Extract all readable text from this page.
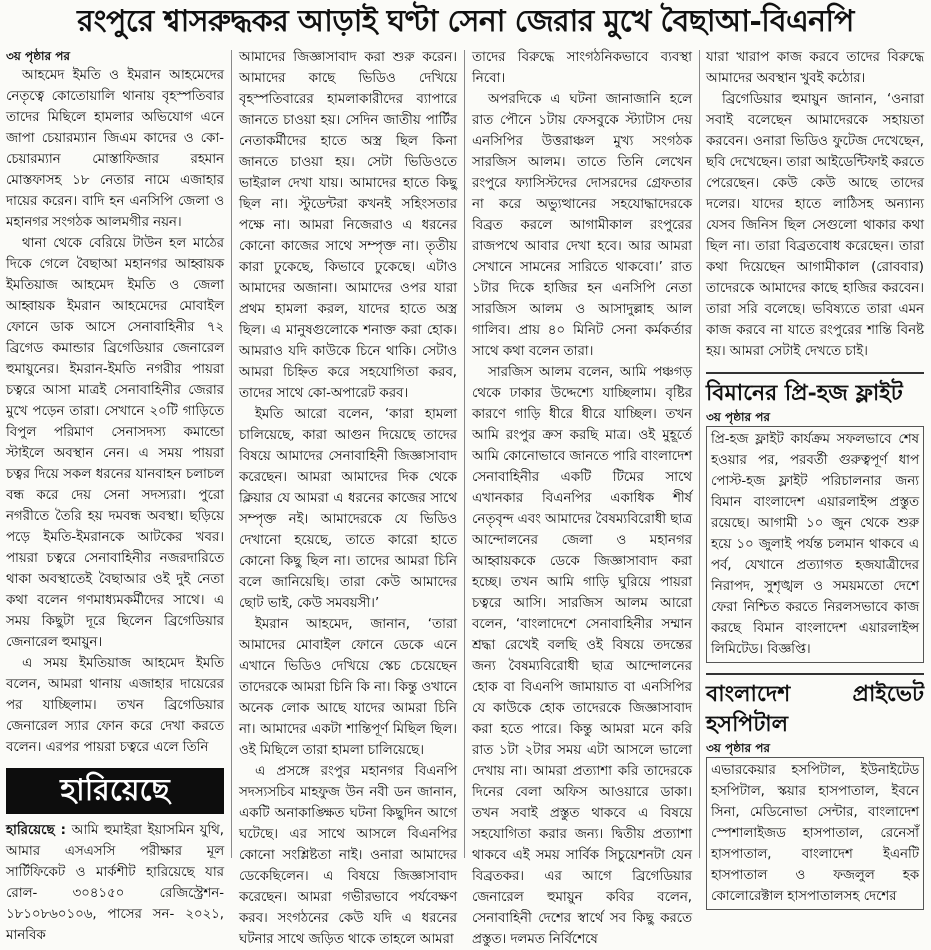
রংপুরে শ্বাসরুদ্ধকর আড়াই ঘণ্টা সেনা জেরার মুখে বৈছাআ-বিএনপি
৩য় পৃষ্ঠার পর

আহমেদ ইমতি ও ইমরান আহমেদের নেতৃত্বে কোতোয়ালি থানায় বৃহস্পতিবার তাদের মিছিলে হামলার অভিযোগ এনে জাপা চেয়ারম্যান জিএম কাদের ও কো-চেয়ারম্যান মোস্তাফিজার রহমান মোস্তফাসহ ১৮ নেতার নামে এজাহার দায়ের করেন। বাদি হন এনসিপি জেলা ও মহানগর সংগঠক আলমগীর নয়ন।

থানা থেকে বেরিয়ে টাউন হল মাঠের দিকে গেলে বৈছাআ মহানগর আহ্বায়ক ইমতিয়াজ আহমেদ ইমতি ও জেলা আহ্বায়ক ইমরান আহমেদের মোবাইল ফোনে ডাক আসে সেনাবাহিনীর ৭২ ব্রিগেড কমান্ডার ব্রিগেডিয়ার জেনারেল হুমায়ুনের। ইমরান-ইমতি নগরীর পায়রা চত্বরে আসা মাত্রই সেনাবাহিনীর জেরার মুখে পড়েন তারা। সেখানে ২০টি গাড়িতে বিপুল পরিমাণ সেনাসদস্য কমান্ডো স্টাইলে অবস্থান নেন। এ সময় পায়রা চত্বর দিয়ে সকল ধরনের যানবাহন চলাচল বন্ধ করে দেয় সেনা সদস্যরা। পুরো নগরীতে তৈরি হয় দমবন্ধ অবস্থা। ছড়িয়ে পড়ে ইমতি-ইমরানকে আটকের খবর। পায়রা চত্বরে সেনাবাহিনীর নজরদারিতে থাকা অবস্থাতেই বৈছাআর ওই দুই নেতা কথা বলেন গণমাধ্যমকর্মীদের সাথে। এ সময় কিছুটা দূরে ছিলেন ব্রিগেডিয়ার জেনারেল হুমায়ুন।

এ সময় ইমতিয়াজ আহমেদ ইমতি বলেন, আমরা থানায় এজাহার দায়েরের পর যাচ্ছিলাম। তখন ব্রিগেডিয়ার জেনারেল স্যার ফোন করে দেখা করতে বলেন। এরপর পায়রা চত্বরে এলে তিনি

হারিয়েছে

হারিয়েছে : আমি হুমাইরা ইয়াসমিন যুথি, আমার এসএসসি পরীক্ষার মূল সার্টিফিকেট ও মার্কশীট হারিয়েছে যার রোল- ৩০৪১৫০ রেজিস্ট্রেশন- ১৮১০৮৬০১০৬, পাসের সন- ২০২১, মানবিক

আমাদের জিজ্ঞাসাবাদ করা শুরু করেন। আমাদের কাছে ভিডিও দেখিয়ে বৃহস্পতিবারের হামলাকারীদের ব্যাপারে জানতে চাওয়া হয়। সেদিন জাতীয় পার্টির নেতাকর্মীদের হাতে অস্ত্র ছিল কিনা জানতে চাওয়া হয়। সেটা ভিডিওতে ভাইরাল দেখা যায়। আমাদের হাতে কিছু ছিল না। স্টুডেন্টরা কখনই সহিংসতার পক্ষে না। আমরা নিজেরাও এ ধরনের কোনো কাজের সাথে সম্পৃক্ত না। তৃতীয় কারা ঢুকেছে, কিভাবে ঢুকেছে। এটাও আমাদের অজানা। আমাদের ওপর যারা প্রথম হামলা করল, যাদের হাতে অস্ত্র ছিল। এ মানুষগুলোকে শনাক্ত করা হোক। আমরাও যদি কাউকে চিনে থাকি। সেটাও আমরা চিহ্নিত করে সহযোগিতা করব, তাদের সাথে কো-অপারেট করব।

ইমতি আরো বলেন, ‘কারা হামলা চালিয়েছে, কারা আগুন দিয়েছে তাদের বিষয়ে আমাদের সেনাবাহিনী জিজ্ঞাসাবাদ করেছেন। আমরা আমাদের দিক থেকে ক্লিয়ার যে আমরা এ ধরনের কাজের সাথে সম্পৃক্ত নই। আমাদেরকে যে ভিডিও দেখানো হয়েছে, তাতে কারো হাতে কোনো কিছু ছিল না। তাদের আমরা চিনি বলে জানিয়েছি। তারা কেউ আমাদের ছোট ভাই, কেউ সমবয়সী।’

ইমরান আহমেদ, জানান, ‘তারা আমাদের মোবাইল ফোনে ডেকে এনে এখানে ভিডিও দেখিয়ে স্কেচ চেয়েছেন তাদেরকে আমরা চিনি কি না। কিন্তু ওখানে অনেক লোক আছে যাদের আমরা চিনি না। আমাদের একটা শান্তিপূর্ণ মিছিল ছিল। ওই মিছিলে তারা হামলা চালিয়েছে।

এ প্রসঙ্গে রংপুর মহানগর বিএনপি সদস্যসচিব মাহফুজ উন নবী ডন জানান, একটি অনাকাঙ্ক্ষিত ঘটনা কিছুদিন আগে ঘটেছে। এর সাথে আসলে বিএনপির কোনো সংশ্লিষ্টতা নাই। ওনারা আমাদের ডেকেছিলেন। এ বিষয়ে জিজ্ঞাসাবাদ করেছেন। আমরা গভীরভাবে পর্যবেক্ষণ করব। সংগঠনের কেউ যদি এ ধরনের ঘটনার সাথে জড়িত থাকে তাহলে আমরা

তাদের বিরুদ্ধে সাংগঠনিকভাবে ব্যবস্থা নিবো।

অপরদিকে এ ঘটনা জানাজানি হলে রাত পৌনে ১টায় ফেসবুকে স্ট্যাটাস দেয় এনসিপির উত্তরাঞ্চল মুখ্য সংগঠক সারজিস আলম। তাতে তিনি লেখেন রংপুরে ফ্যাসিস্টদের দোসরদের গ্রেফতার না করে অভ্যুত্থানের সহযোদ্ধাদেরকে বিব্রত করলে আগামীকাল রংপুরের রাজপথে আবার দেখা হবে। আর আমরা সেখানে সামনের সারিতে থাকবো।’ রাত ১টার দিকে হাজির হন এনসিপি নেতা সারজিস আলম ও আসাদুল্লাহ আল গালিব। প্রায় ৪০ মিনিট সেনা কর্মকর্তার সাথে কথা বলেন তারা।

সারজিস আলম বলেন, আমি পঞ্চগড় থেকে ঢাকার উদ্দেশ্যে যাচ্ছিলাম। বৃষ্টির কারণে গাড়ি ধীরে ধীরে যাচ্ছিল। তখন আমি রংপুর ক্রস করছি মাত্র। ওই মুহূর্তে আমি কোনোভাবে জানতে পারি বাংলাদেশ সেনাবাহিনীর একটি টিমের সাথে এখানকার বিএনপির একাধিক শীর্ষ নেতৃবৃন্দ এবং আমাদের বৈষম্যবিরোধী ছাত্র আন্দোলনের জেলা ও মহানগর আহ্বায়ককে ডেকে জিজ্ঞাসাবাদ করা হচ্ছে। তখন আমি গাড়ি ঘুরিয়ে পায়রা চত্বরে আসি। সারজিস আলম আরো বলেন, ‘বাংলাদেশে সেনাবাহিনীর সম্মান শ্রদ্ধা রেখেই বলছি ওই বিষয়ে তদন্তের জন্য বৈষম্যবিরোধী ছাত্র আন্দোলনের হোক বা বিএনপি জামায়াত বা এনসিপির যে কাউকে হোক তাদেরকে জিজ্ঞাসাবাদ করা হতে পারে। কিন্তু আমরা মনে করি রাত ১টা ২টার সময় এটা আসলে ভালো দেখায় না। আমরা প্রত্যাশা করি তাদেরকে দিনের বেলা অফিস আওয়ারে ডাকা। তখন সবাই প্রস্তুত থাকবে এ বিষয়ে সহযোগিতা করার জন্য। দ্বিতীয় প্রত্যাশা থাকবে এই সময় সার্বিক সিচুয়েশনটা যেন বিব্রতকর। এর আগে ব্রিগেডিয়ার জেনারেল হুমায়ুন কবির বলেন, সেনাবাহিনী দেশের স্বার্থে সব কিছু করতে প্রস্তুত। দলমত নির্বিশেষে

যারা খারাপ কাজ করবে তাদের বিরুদ্ধে আমাদের অবস্থান খুবই কঠোর।

ব্রিগেডিয়ার হুমায়ুন জানান, ‘ওনারা সবাই বলেছেন আমাদেরকে সহায়তা করবেন। ওনারা ভিডিও ফুটেজ দেখেছেন, ছবি দেখেছেন। তারা আইডেন্টিফাই করতে পেরেছেন। কেউ কেউ আছে তাদের দলের। যাদের হাতে লাঠিসহ অন্যান্য যেসব জিনিস ছিল সেগুলো থাকার কথা ছিল না। তারা বিব্রতবোধ করেছেন। তারা কথা দিয়েছেন আগামীকাল (রোববার) তাদেরকে আমাদের কাছে হাজির করবেন। তারা সরি বলেছে। ভবিষ্যতে তারা এমন কাজ করবে না যাতে রংপুরের শান্তি বিনষ্ট হয়। আমরা সেটাই দেখতে চাই।

বিমানের প্রি-হজ ফ্লাইট
৩য় পৃষ্ঠার পর

প্রি-হজ ফ্লাইট কার্যক্রম সফলভাবে শেষ হওয়ার পর, পরবর্তী গুরুত্বপূর্ণ ধাপ পোস্ট-হজ ফ্লাইট পরিচালনার জন্য বিমান বাংলাদেশ এয়ারলাইন্স প্রস্তুত রয়েছে। আগামী ১০ জুন থেকে শুরু হয়ে ১০ জুলাই পর্যন্ত চলমান থাকবে এ পর্ব, যেখানে প্রত্যাগত হজযাত্রীদের নিরাপদ, সুশৃঙ্খল ও সময়মতো দেশে ফেরা নিশ্চিত করতে নিরলসভাবে কাজ করছে বিমান বাংলাদেশ এয়ারলাইন্স লিমিটেড। বিজ্ঞপ্তি।

বাংলাদেশ প্রাইভেট হসপিটাল
৩য় পৃষ্ঠার পর

এভারকেয়ার হসপিটাল, ইউনাইটেড হসপিটাল, স্কয়ার হাসপাতাল, ইবনে সিনা, মেডিনোভা সেন্টার, বাংলাদেশ স্পেশালাইজড হাসপাতাল, রেনেসাঁ হাসপাতাল, বাংলাদেশ ইএনটি হাসপাতাল ও ফজলুল হক কোলোরেক্টাল হাসপাতালসহ দেশের
